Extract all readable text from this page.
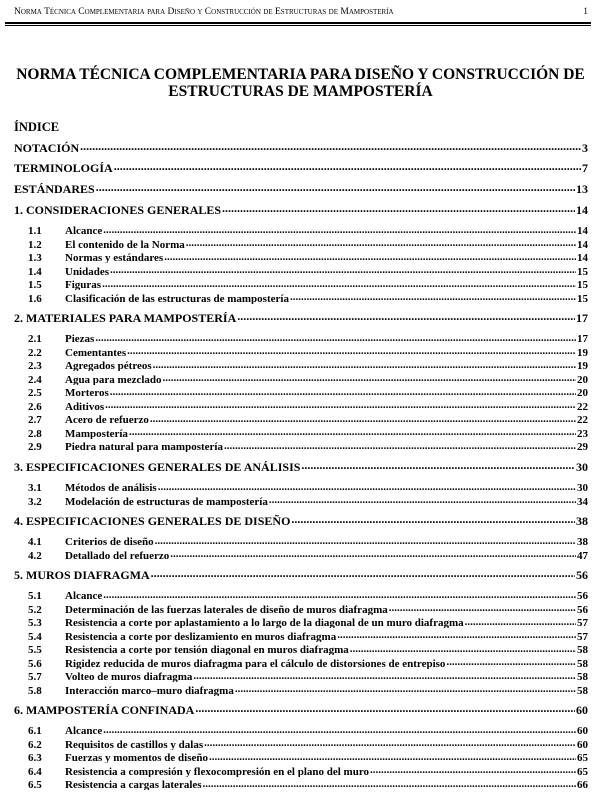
Norma Técnica Complementaria para Diseño y Construcción de Estructuras de Mampostería	1
NORMA TÉCNICA COMPLEMENTARIA PARA DISEÑO Y CONSTRUCCIÓN DE
ESTRUCTURAS DE MAMPOSTERÍA
ÍNDICE
NOTACIÓN .....	3
TERMINOLOGÍA .....	7
ESTÁNDARES .....	13
1. CONSIDERACIONES GENERALES .....	14
1.1	Alcance .....	14
1.2	El contenido de la Norma .....	14
1.3	Normas y estándares .....	14
1.4	Unidades .....	15
1.5	Figuras .....	15
1.6	Clasificación de las estructuras de mampostería .....	15
2. MATERIALES PARA MAMPOSTERÍA .....	17
2.1	Piezas .....	17
2.2	Cementantes .....	19
2.3	Agregados pétreos .....	19
2.4	Agua para mezclado .....	20
2.5	Morteros .....	20
2.6	Aditivos .....	22
2.7	Acero de refuerzo .....	22
2.8	Mampostería .....	23
2.9	Piedra natural para mampostería .....	29
3. ESPECIFICACIONES GENERALES DE ANÁLISIS .....	30
3.1	Métodos de análisis .....	30
3.2	Modelación de estructuras de mampostería .....	34
4. ESPECIFICACIONES GENERALES DE DISEÑO .....	38
4.1	Criterios de diseño .....	38
4.2	Detallado del refuerzo .....	47
5. MUROS DIAFRAGMA .....	56
5.1	Alcance .....	56
5.2	Determinación de las fuerzas laterales de diseño de muros diafragma .....	56
5.3	Resistencia a corte por aplastamiento a lo largo de la diagonal de un muro diafragma .....	57
5.4	Resistencia a corte por deslizamiento en muros diafragma .....	57
5.5	Resistencia a corte por tensión diagonal en muros diafragma .....	58
5.6	Rigidez reducida de muros diafragma para el cálculo de distorsiones de entrepiso .....	58
5.7	Volteo de muros diafragma .....	58
5.8	Interacción marco–muro diafragma .....	58
6. MAMPOSTERÍA CONFINADA .....	60
6.1	Alcance .....	60
6.2	Requisitos de castillos y dalas .....	60
6.3	Fuerzas y momentos de diseño .....	65
6.4	Resistencia a compresión y flexocompresión en el plano del muro .....	65
6.5	Resistencia a cargas laterales .....	66
